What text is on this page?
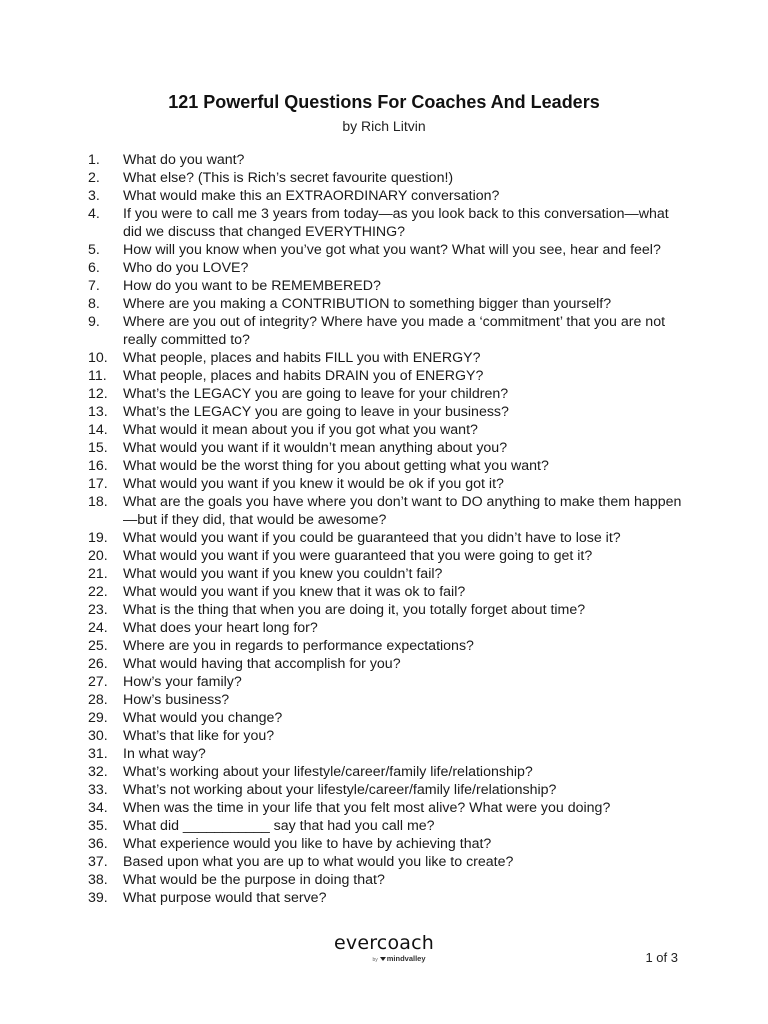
121 Powerful Questions For Coaches And Leaders

by Rich Litvin

1.	What do you want?
2.	What else? (This is Rich’s secret favourite question!)
3.	What would make this an EXTRAORDINARY conversation?
4.	If you were to call me 3 years from today—as you look back to this conversation—what did we discuss that changed EVERYTHING?
5.	How will you know when you’ve got what you want? What will you see, hear and feel?
6.	Who do you LOVE?
7.	How do you want to be REMEMBERED?
8.	Where are you making a CONTRIBUTION to something bigger than yourself?
9.	Where are you out of integrity? Where have you made a ‘commitment’ that you are not really committed to?
10.	What people, places and habits FILL you with ENERGY?
11.	What people, places and habits DRAIN you of ENERGY?
12.	What’s the LEGACY you are going to leave for your children?
13.	What’s the LEGACY you are going to leave in your business?
14.	What would it mean about you if you got what you want?
15.	What would you want if it wouldn’t mean anything about you?
16.	What would be the worst thing for you about getting what you want?
17.	What would you want if you knew it would be ok if you got it?
18.	What are the goals you have where you don’t want to DO anything to make them happen—but if they did, that would be awesome?
19.	What would you want if you could be guaranteed that you didn’t have to lose it?
20.	What would you want if you were guaranteed that you were going to get it?
21.	What would you want if you knew you couldn’t fail?
22.	What would you want if you knew that it was ok to fail?
23.	What is the thing that when you are doing it, you totally forget about time?
24.	What does your heart long for?
25.	Where are you in regards to performance expectations?
26.	What would having that accomplish for you?
27.	How’s your family?
28.	How’s business?
29.	What would you change?
30.	What’s that like for you?
31.	In what way?
32.	What’s working about your lifestyle/career/family life/relationship?
33.	What’s not working about your lifestyle/career/family life/relationship?
34.	When was the time in your life that you felt most alive? What were you doing?
35.	What did ___________ say that had you call me?
36.	What experience would you like to have by achieving that?
37.	Based upon what you are up to what would you like to create?
38.	What would be the purpose in doing that?
39.	What purpose would that serve?
evercoach
by mindvalley	1 of 3
